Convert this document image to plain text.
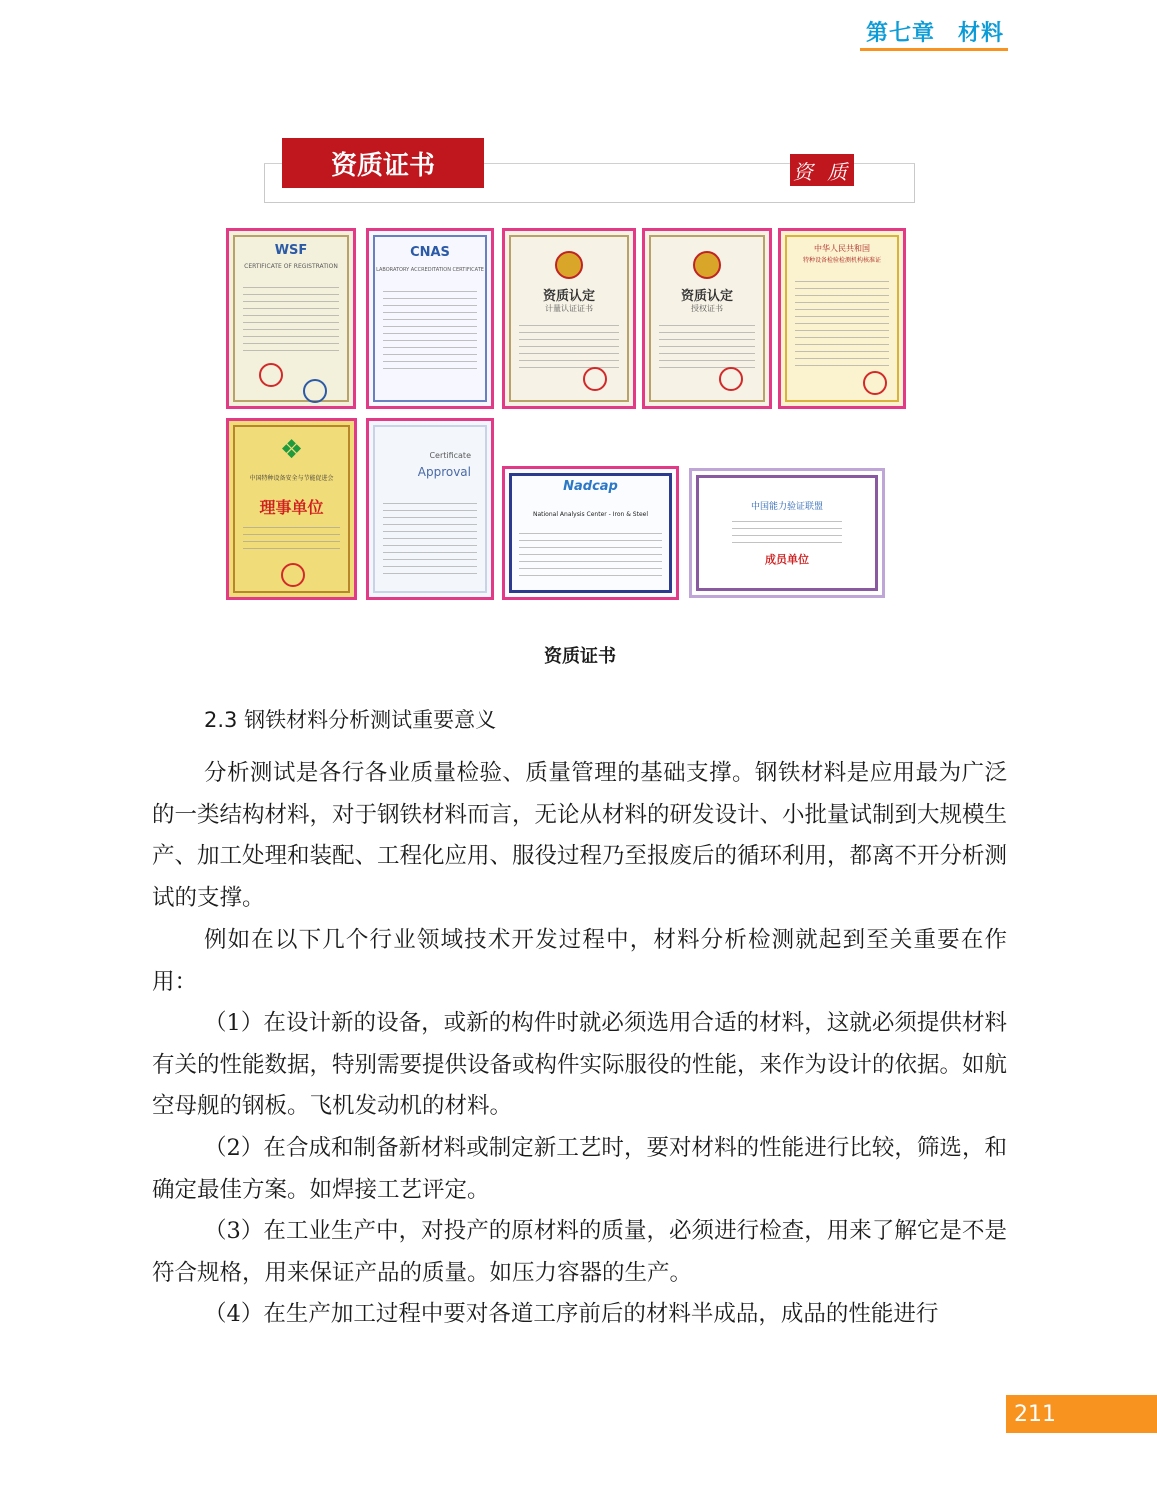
第七章　材料
资质证书	资 质
WSF
CERTIFICATE OF REGISTRATION
CNAS
LABORATORY ACCREDITATION CERTIFICATE
资质认定
计量认证证书
资质认定
授权证书
中华人民共和国
特种设备检验检测机构核准证
❖
中国特种设备安全与节能促进会
理事单位
Certificate
Approval
Nadcap
National Analysis Center - Iron & Steel
中国能力验证联盟
成员单位
资质证书
2.3 钢铁材料分析测试重要意义
分析测试是各行各业质量检验、质量管理的基础支撑。钢铁材料是应用最为广泛的一类结构材料，对于钢铁材料而言，无论从材料的研发设计、小批量试制到大规模生产、加工处理和装配、工程化应用、服役过程乃至报废后的循环利用，都离不开分析测试的支撑。
例如在以下几个行业领域技术开发过程中，材料分析检测就起到至关重要在作用：
（1）在设计新的设备，或新的构件时就必须选用合适的材料，这就必须提供材料有关的性能数据，特别需要提供设备或构件实际服役的性能，来作为设计的依据。如航空母舰的钢板。飞机发动机的材料。
（2）在合成和制备新材料或制定新工艺时，要对材料的性能进行比较，筛选，和确定最佳方案。如焊接工艺评定。
（3）在工业生产中，对投产的原材料的质量，必须进行检查，用来了解它是不是符合规格，用来保证产品的质量。如压力容器的生产。
（4）在生产加工过程中要对各道工序前后的材料半成品，成品的性能进行
211
